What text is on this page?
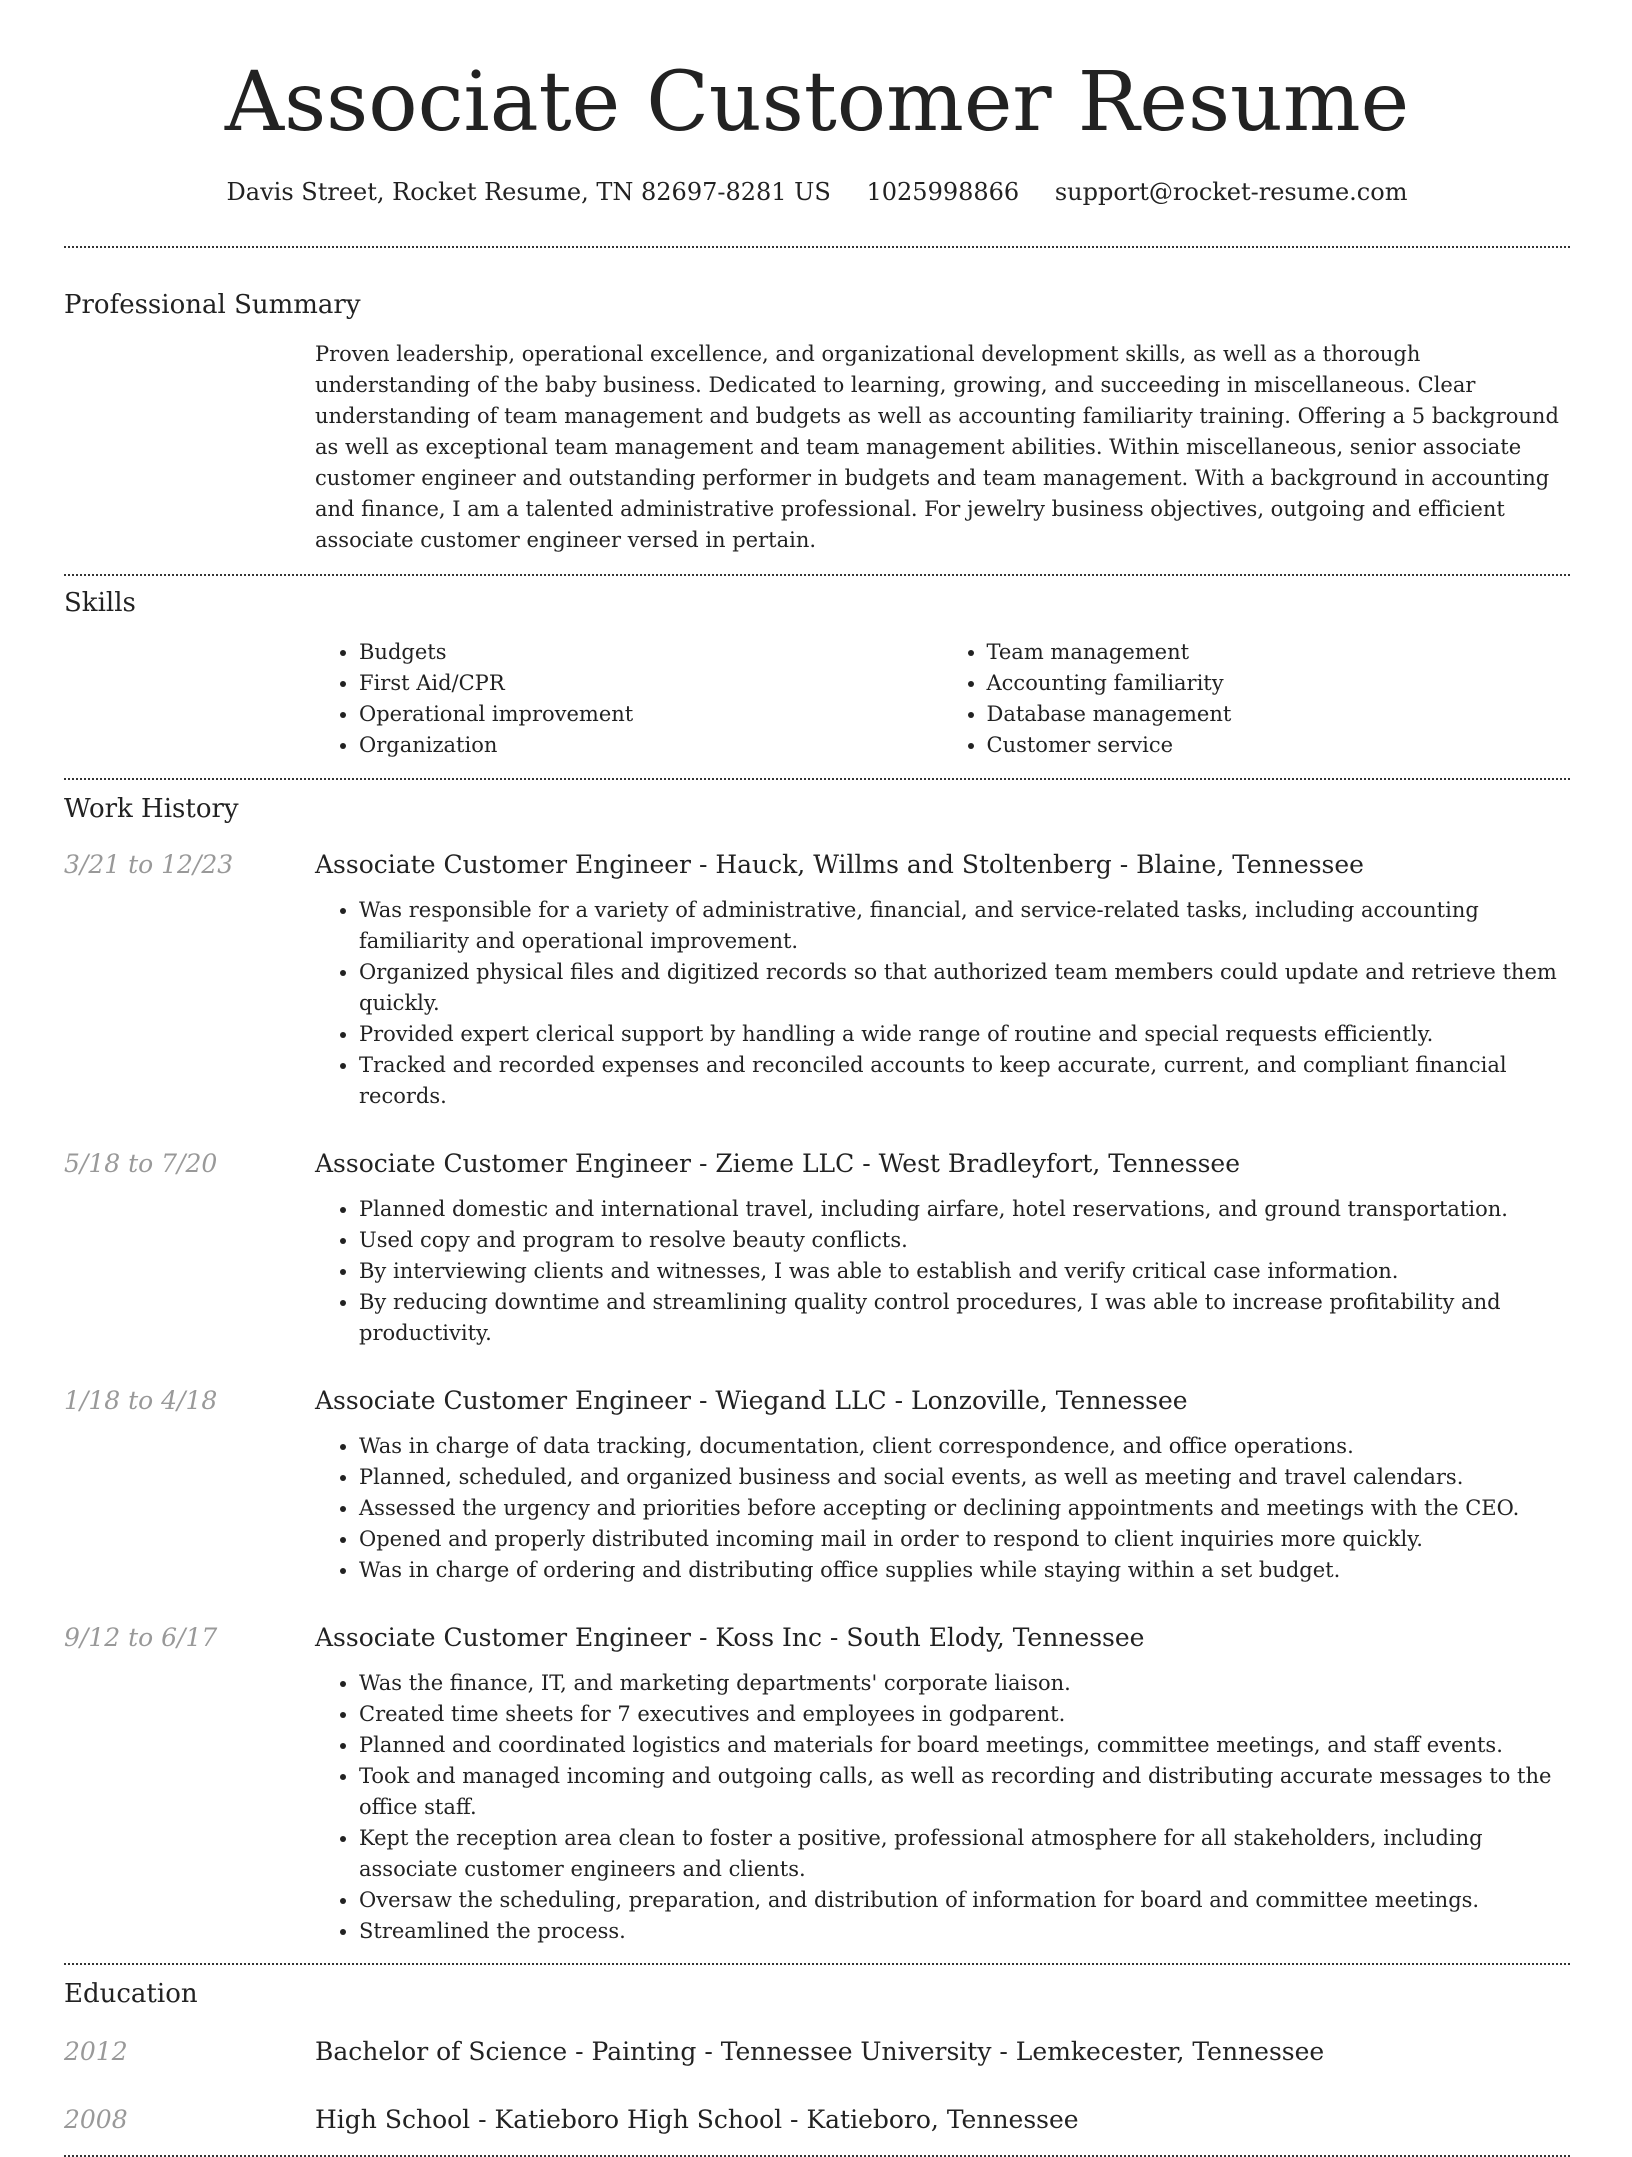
Associate Customer Resume
Davis Street, Rocket Resume, TN 82697-8281 US 1025998866 support@rocket-resume.com
Professional Summary
Proven leadership, operational excellence, and organizational development skills, as well as a thorough understanding of the baby business. Dedicated to learning, growing, and succeeding in miscellaneous. Clear understanding of team management and budgets as well as accounting familiarity training. Offering a 5 background as well as exceptional team management and team management abilities. Within miscellaneous, senior associate customer engineer and outstanding performer in budgets and team management. With a background in accounting and finance, I am a talented administrative professional. For jewelry business objectives, outgoing and efficient associate customer engineer versed in pertain.
Skills
• Budgets
• First Aid/CPR
• Operational improvement
• Organization
• Team management
• Accounting familiarity
• Database management
• Customer service
Work History
3/21 to 12/23	Associate Customer Engineer - Hauck, Willms and Stoltenberg - Blaine, Tennessee
• Was responsible for a variety of administrative, financial, and service-related tasks, including accounting familiarity and operational improvement.
• Organized physical files and digitized records so that authorized team members could update and retrieve them quickly.
• Provided expert clerical support by handling a wide range of routine and special requests efficiently.
• Tracked and recorded expenses and reconciled accounts to keep accurate, current, and compliant financial records.
5/18 to 7/20	Associate Customer Engineer - Zieme LLC - West Bradleyfort, Tennessee
• Planned domestic and international travel, including airfare, hotel reservations, and ground transportation.
• Used copy and program to resolve beauty conflicts.
• By interviewing clients and witnesses, I was able to establish and verify critical case information.
• By reducing downtime and streamlining quality control procedures, I was able to increase profitability and productivity.
1/18 to 4/18	Associate Customer Engineer - Wiegand LLC - Lonzoville, Tennessee
• Was in charge of data tracking, documentation, client correspondence, and office operations.
• Planned, scheduled, and organized business and social events, as well as meeting and travel calendars.
• Assessed the urgency and priorities before accepting or declining appointments and meetings with the CEO.
• Opened and properly distributed incoming mail in order to respond to client inquiries more quickly.
• Was in charge of ordering and distributing office supplies while staying within a set budget.
9/12 to 6/17	Associate Customer Engineer - Koss Inc - South Elody, Tennessee
• Was the finance, IT, and marketing departments' corporate liaison.
• Created time sheets for 7 executives and employees in godparent.
• Planned and coordinated logistics and materials for board meetings, committee meetings, and staff events.
• Took and managed incoming and outgoing calls, as well as recording and distributing accurate messages to the office staff.
• Kept the reception area clean to foster a positive, professional atmosphere for all stakeholders, including associate customer engineers and clients.
• Oversaw the scheduling, preparation, and distribution of information for board and committee meetings.
• Streamlined the process.
Education
2012	Bachelor of Science - Painting - Tennessee University - Lemkecester, Tennessee
2008	High School - Katieboro High School - Katieboro, Tennessee
